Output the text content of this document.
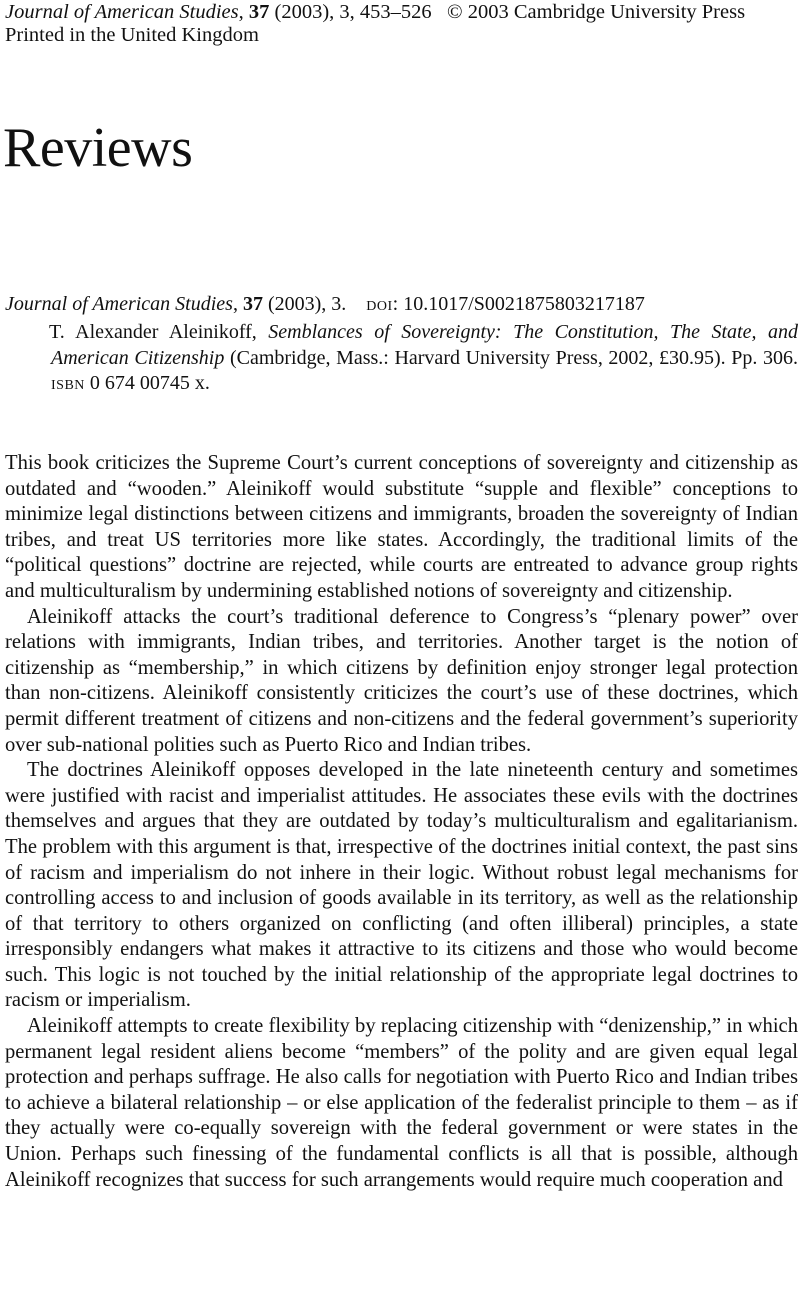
Journal of American Studies, 37 (2003), 3, 453–526 © 2003 Cambridge University Press
Printed in the United Kingdom
Reviews
Journal of American Studies, 37 (2003), 3. doi: 10.1017/S0021875803217187

T. Alexander Aleinikoff, Semblances of Sovereignty: The Constitution, The State, and American Citizenship (Cambridge, Mass.: Harvard University Press, 2002, £30.95). Pp. 306. isbn 0 674 00745 x.

This book criticizes the Supreme Court’s current conceptions of sovereignty and citizenship as outdated and “wooden.” Aleinikoff would substitute “supple and flexible” conceptions to minimize legal distinctions between citizens and immigrants, broaden the sovereignty of Indian tribes, and treat US territories more like states. Accordingly, the traditional limits of the “political questions” doctrine are rejected, while courts are entreated to advance group rights and multiculturalism by undermining established notions of sovereignty and citizenship.

Aleinikoff attacks the court’s traditional deference to Congress’s “plenary power” over relations with immigrants, Indian tribes, and territories. Another target is the notion of citizenship as “membership,” in which citizens by definition enjoy stronger legal protection than non-citizens. Aleinikoff consistently criticizes the court’s use of these doctrines, which permit different treatment of citizens and non-citizens and the federal government’s superiority over sub-national polities such as Puerto Rico and Indian tribes.

The doctrines Aleinikoff opposes developed in the late nineteenth century and sometimes were justified with racist and imperialist attitudes. He associates these evils with the doctrines themselves and argues that they are outdated by today’s multiculturalism and egalitarianism. The problem with this argument is that, irrespective of the doctrines initial context, the past sins of racism and imperialism do not inhere in their logic. Without robust legal mechanisms for controlling access to and inclusion of goods available in its territory, as well as the relationship of that territory to others organized on conflicting (and often illiberal) principles, a state irresponsibly endangers what makes it attractive to its citizens and those who would become such. This logic is not touched by the initial relationship of the appropriate legal doctrines to racism or imperialism.

Aleinikoff attempts to create flexibility by replacing citizenship with “denizenship,” in which permanent legal resident aliens become “members” of the polity and are given equal legal protection and perhaps suffrage. He also calls for negotiation with Puerto Rico and Indian tribes to achieve a bilateral relationship – or else application of the federalist principle to them – as if they actually were co-equally sovereign with the federal government or were states in the Union. Perhaps such finessing of the fundamental conflicts is all that is possible, although Aleinikoff recognizes that success for such arrangements would require much cooperation and
